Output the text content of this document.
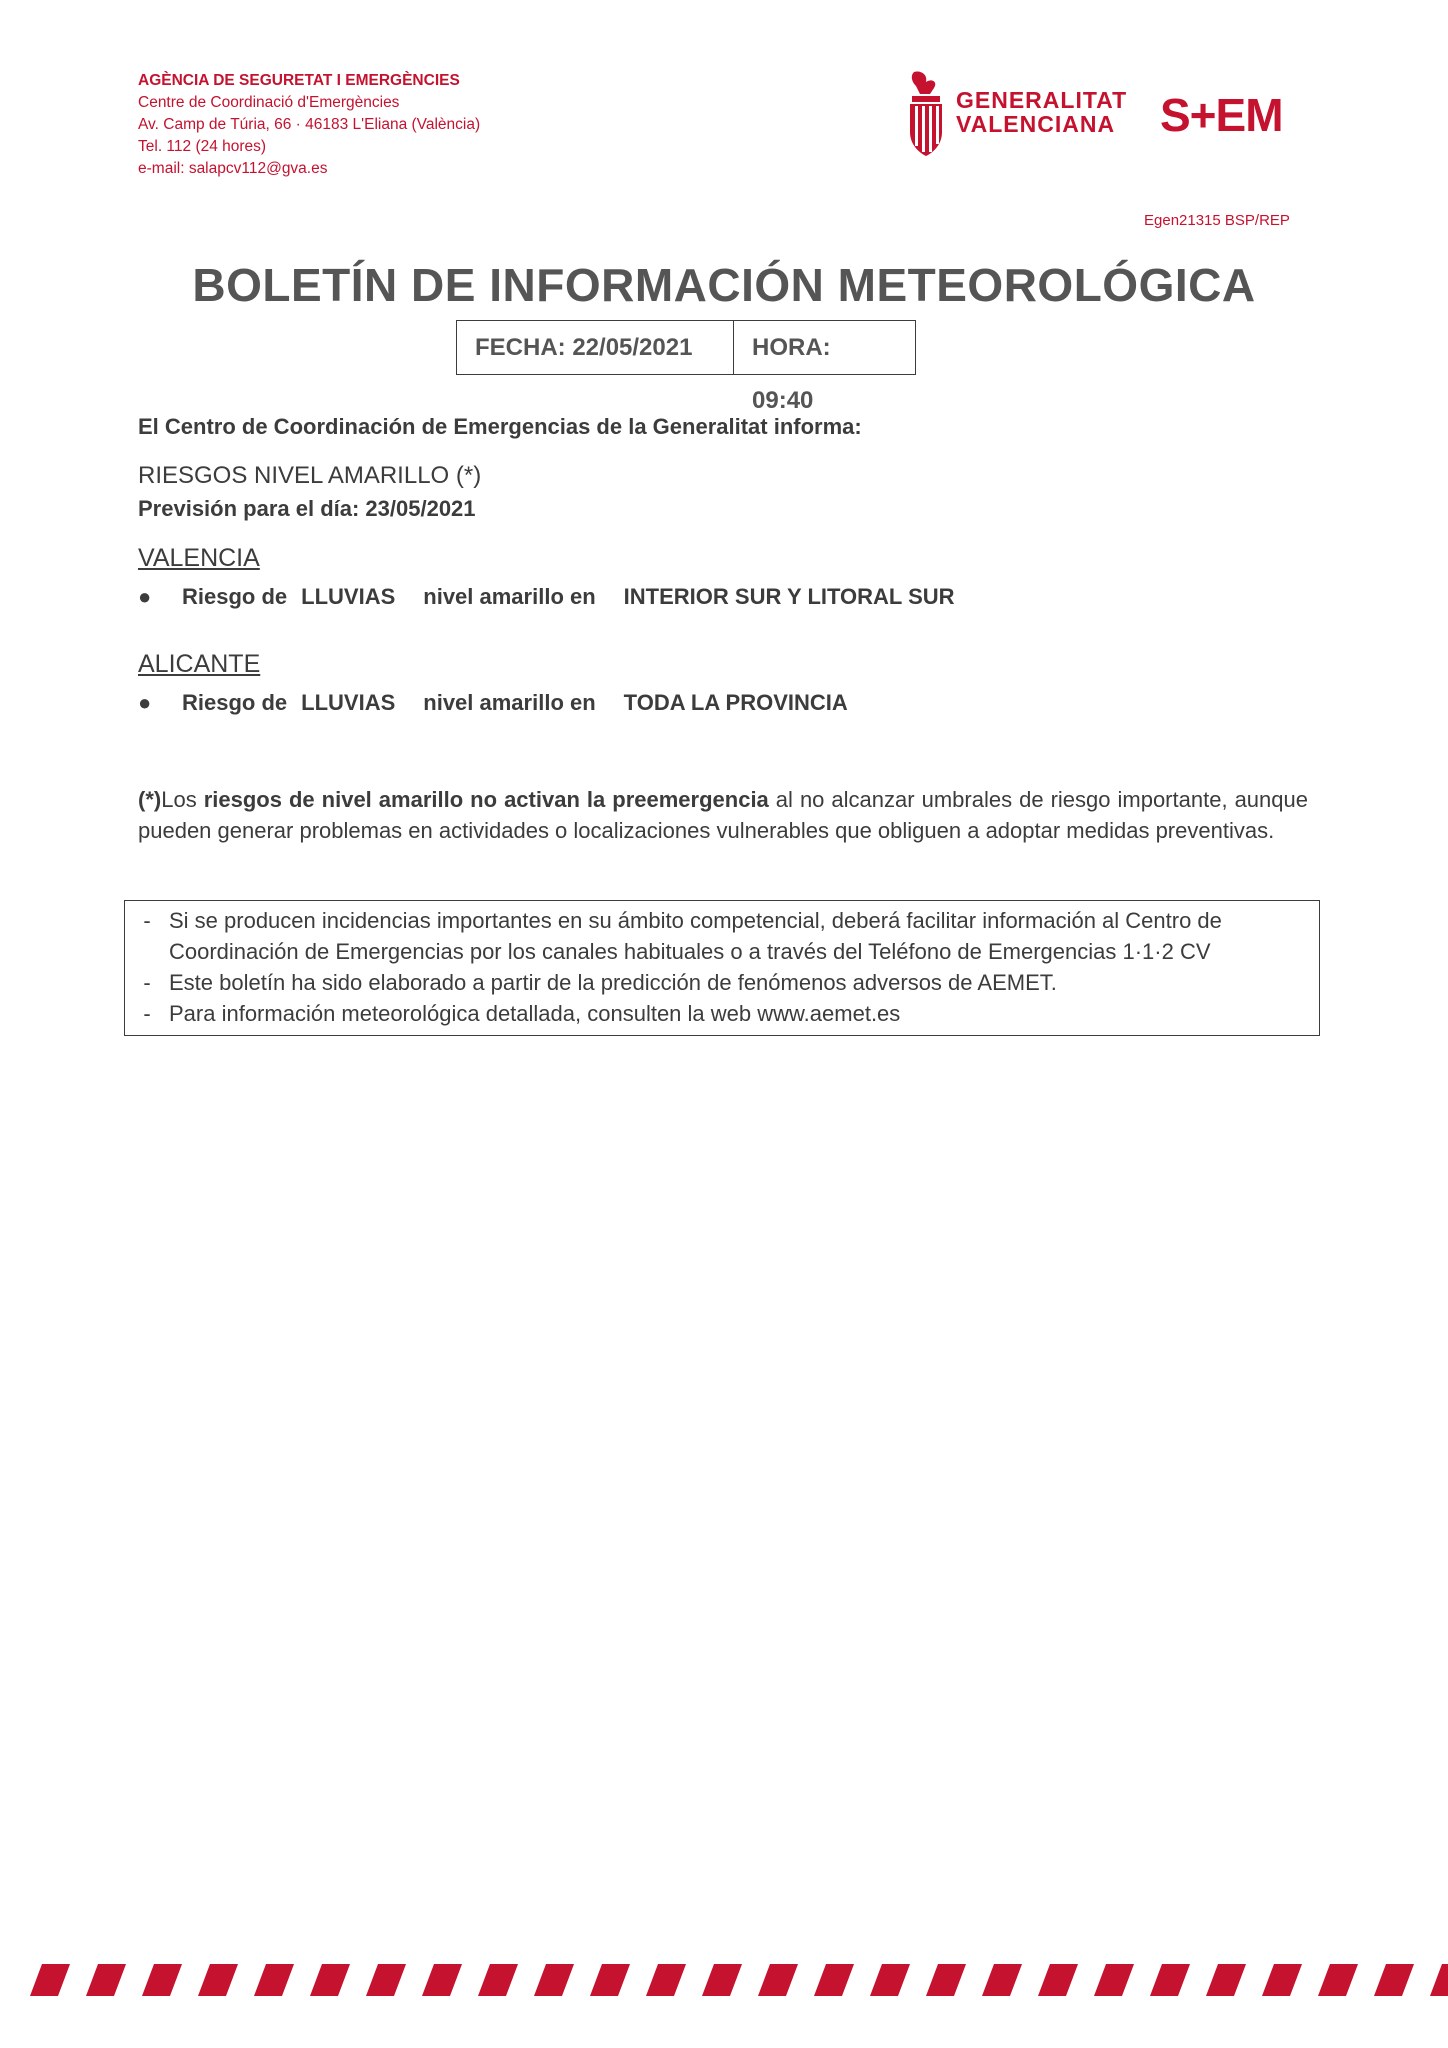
AGÈNCIA DE SEGURETAT I EMERGÈNCIES
Centre de Coordinació d'Emergències
Av. Camp de Túria, 66 · 46183 L'Eliana (València)
Tel. 112 (24 hores)
e-mail: salapcv112@gva.es
GENERALITAT
VALENCIANA S+EM
Egen21315 BSP/REP
BOLETÍN DE INFORMACIÓN METEOROLÓGICA
FECHA: 22/05/2021	HORA: 09:40
El Centro de Coordinación de Emergencias de la Generalitat informa:
RIESGOS NIVEL AMARILLO (*)
Previsión para el día: 23/05/2021
VALENCIA
●	Riesgo de LLUVIAS nivel amarillo en INTERIOR SUR Y LITORAL SUR
ALICANTE
●	Riesgo de LLUVIAS nivel amarillo en TODA LA PROVINCIA
(*)Los riesgos de nivel amarillo no activan la preemergencia al no alcanzar umbrales de riesgo importante, aunque pueden generar problemas en actividades o localizaciones vulnerables que obliguen a adoptar medidas preventivas.
- Si se producen incidencias importantes en su ámbito competencial, deberá facilitar información al Centro de Coordinación de Emergencias por los canales habituales o a través del Teléfono de Emergencias 1·1·2 CV
- Este boletín ha sido elaborado a partir de la predicción de fenómenos adversos de AEMET.
- Para información meteorológica detallada, consulten la web www.aemet.es
